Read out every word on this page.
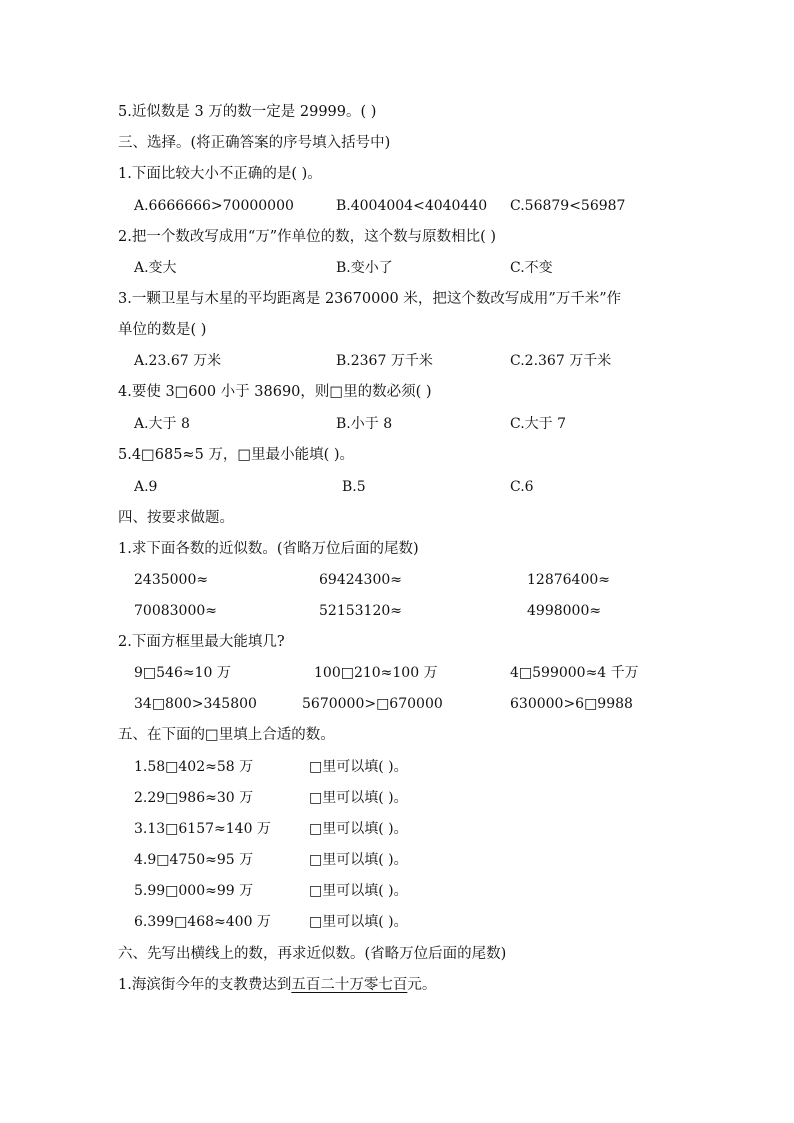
5.近似数是 3 万的数一定是 29999。( )
三、选择。(将正确答案的序号填入括号中)
1.下面比较大小不正确的是( )。
A.6666666>70000000	B.4004004<4040440 C.56879<56987
2.把一个数改写成用“万”作单位的数，这个数与原数相比( )
A.变大	B.变小了	C.不变
3.一颗卫星与木星的平均距离是 23670000 米，把这个数改写成用”万千米”作
单位的数是( )
A.23.67 万米	B.2367 万千米	C.2.367 万千米
4.要使 3□600 小于 38690，则□里的数必须( )
A.大于 8	B.小于 8	C.大于 7
5.4□685≈5 万，□里最小能填( )。
A.9	B.5	C.6
四、按要求做题。
1.求下面各数的近似数。(省略万位后面的尾数)
2435000≈	69424300≈	12876400≈
70083000≈	52153120≈	4998000≈
2.下面方框里最大能填几?
9□546≈10 万	100□210≈100 万	4□599000≈4 千万
34□800>345800	5670000>□670000	630000>6□9988
五、在下面的□里填上合适的数。
1.58□402≈58 万	□里可以填( )。
2.29□986≈30 万	□里可以填( )。
3.13□6157≈140 万	□里可以填( )。
4.9□4750≈95 万	□里可以填( )。
5.99□000≈99 万	□里可以填( )。
6.399□468≈400 万	□里可以填( )。
六、先写出横线上的数，再求近似数。(省略万位后面的尾数)
1.海滨街今年的支教费达到五百二十万零七百元。
